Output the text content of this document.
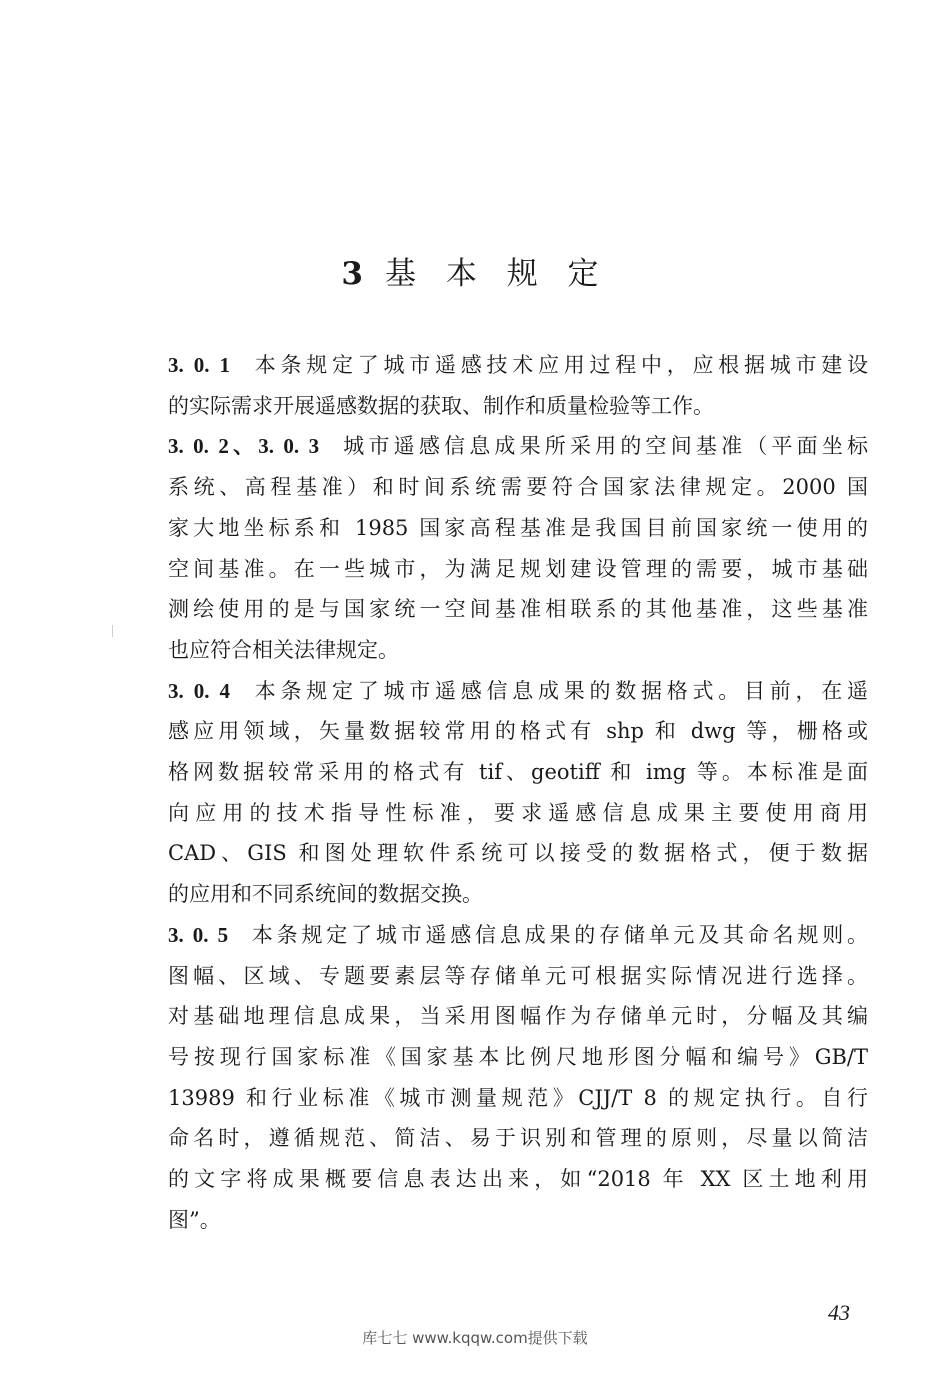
3 基 本 规 定
3. 0. 1 本条规定了城市遥感技术应用过程中，应根据城市建设
的实际需求开展遥感数据的获取、制作和质量检验等工作。
3. 0. 2、3. 0. 3 城市遥感信息成果所采用的空间基准（平面坐标
系统、高程基准）和时间系统需要符合国家法律规定。2000 国
家大地坐标系和 1985 国家高程基准是我国目前国家统一使用的
空间基准。在一些城市，为满足规划建设管理的需要，城市基础
测绘使用的是与国家统一空间基准相联系的其他基准，这些基准
也应符合相关法律规定。
3. 0. 4 本条规定了城市遥感信息成果的数据格式。目前，在遥
感应用领域，矢量数据较常用的格式有 shp 和 dwg 等，栅格或
格网数据较常采用的格式有 tif、geotiff 和 img 等。本标准是面
向应用的技术指导性标准，要求遥感信息成果主要使用商用
CAD、GIS 和图处理软件系统可以接受的数据格式，便于数据
的应用和不同系统间的数据交换。
3. 0. 5 本条规定了城市遥感信息成果的存储单元及其命名规则。
图幅、区域、专题要素层等存储单元可根据实际情况进行选择。
对基础地理信息成果，当采用图幅作为存储单元时，分幅及其编
号按现行国家标准《国家基本比例尺地形图分幅和编号》GB/T
13989 和行业标准《城市测量规范》CJJ/T 8 的规定执行。自行
命名时，遵循规范、简洁、易于识别和管理的原则，尽量以简洁
的文字将成果概要信息表达出来，如“2018 年 XX 区土地利用
图”。
43
库七七 www.kqqw.com提供下载
